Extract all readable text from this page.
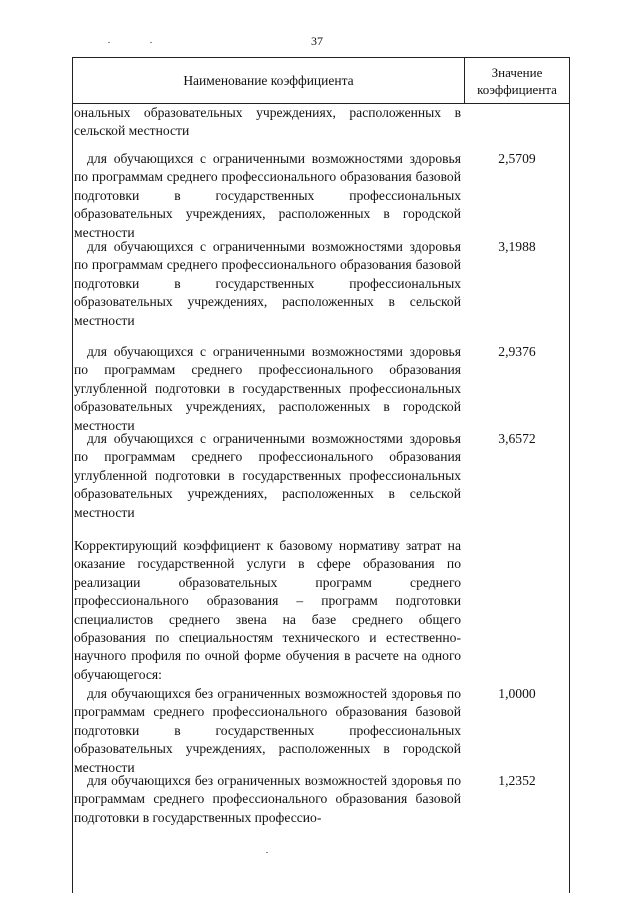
37
Наименование коэффициента
Значение
коэффициента
ональных образовательных учреждениях, расположенных в сельской местности
для обучающихся с ограниченными возможностями здоровья по программам среднего профессионального образования базовой подготовки в государственных профессиональных образовательных учреждениях, расположенных в городской местности
2,5709
для обучающихся с ограниченными возможностями здоровья по программам среднего профессионального образования базовой подготовки в государственных профессиональных образовательных учреждениях, расположенных в сельской местности
3,1988
для обучающихся с ограниченными возможностями здоровья по программам среднего профессионального образования углубленной подготовки в государственных профессиональных образовательных учреждениях, расположенных в городской местности
2,9376
для обучающихся с ограниченными возможностями здоровья по программам среднего профессионального образования углубленной подготовки в государственных профессиональных образовательных учреждениях, расположенных в сельской местности
3,6572
Корректирующий коэффициент к базовому нормативу затрат на оказание государственной услуги в сфере образования по реализации образовательных программ среднего профессионального образования – программ подготовки специалистов среднего звена на базе среднего общего образования по специальностям технического и естественно-научного профиля по очной форме обучения в расчете на одного обучающегося:
для обучающихся без ограниченных возможностей здоровья по программам среднего профессионального образования базовой подготовки в государственных профессиональных образовательных учреждениях, расположенных в городской местности
1,0000
для обучающихся без ограниченных возможностей здоровья по программам среднего профессионального образования базовой подготовки в государственных профессио-
1,2352
